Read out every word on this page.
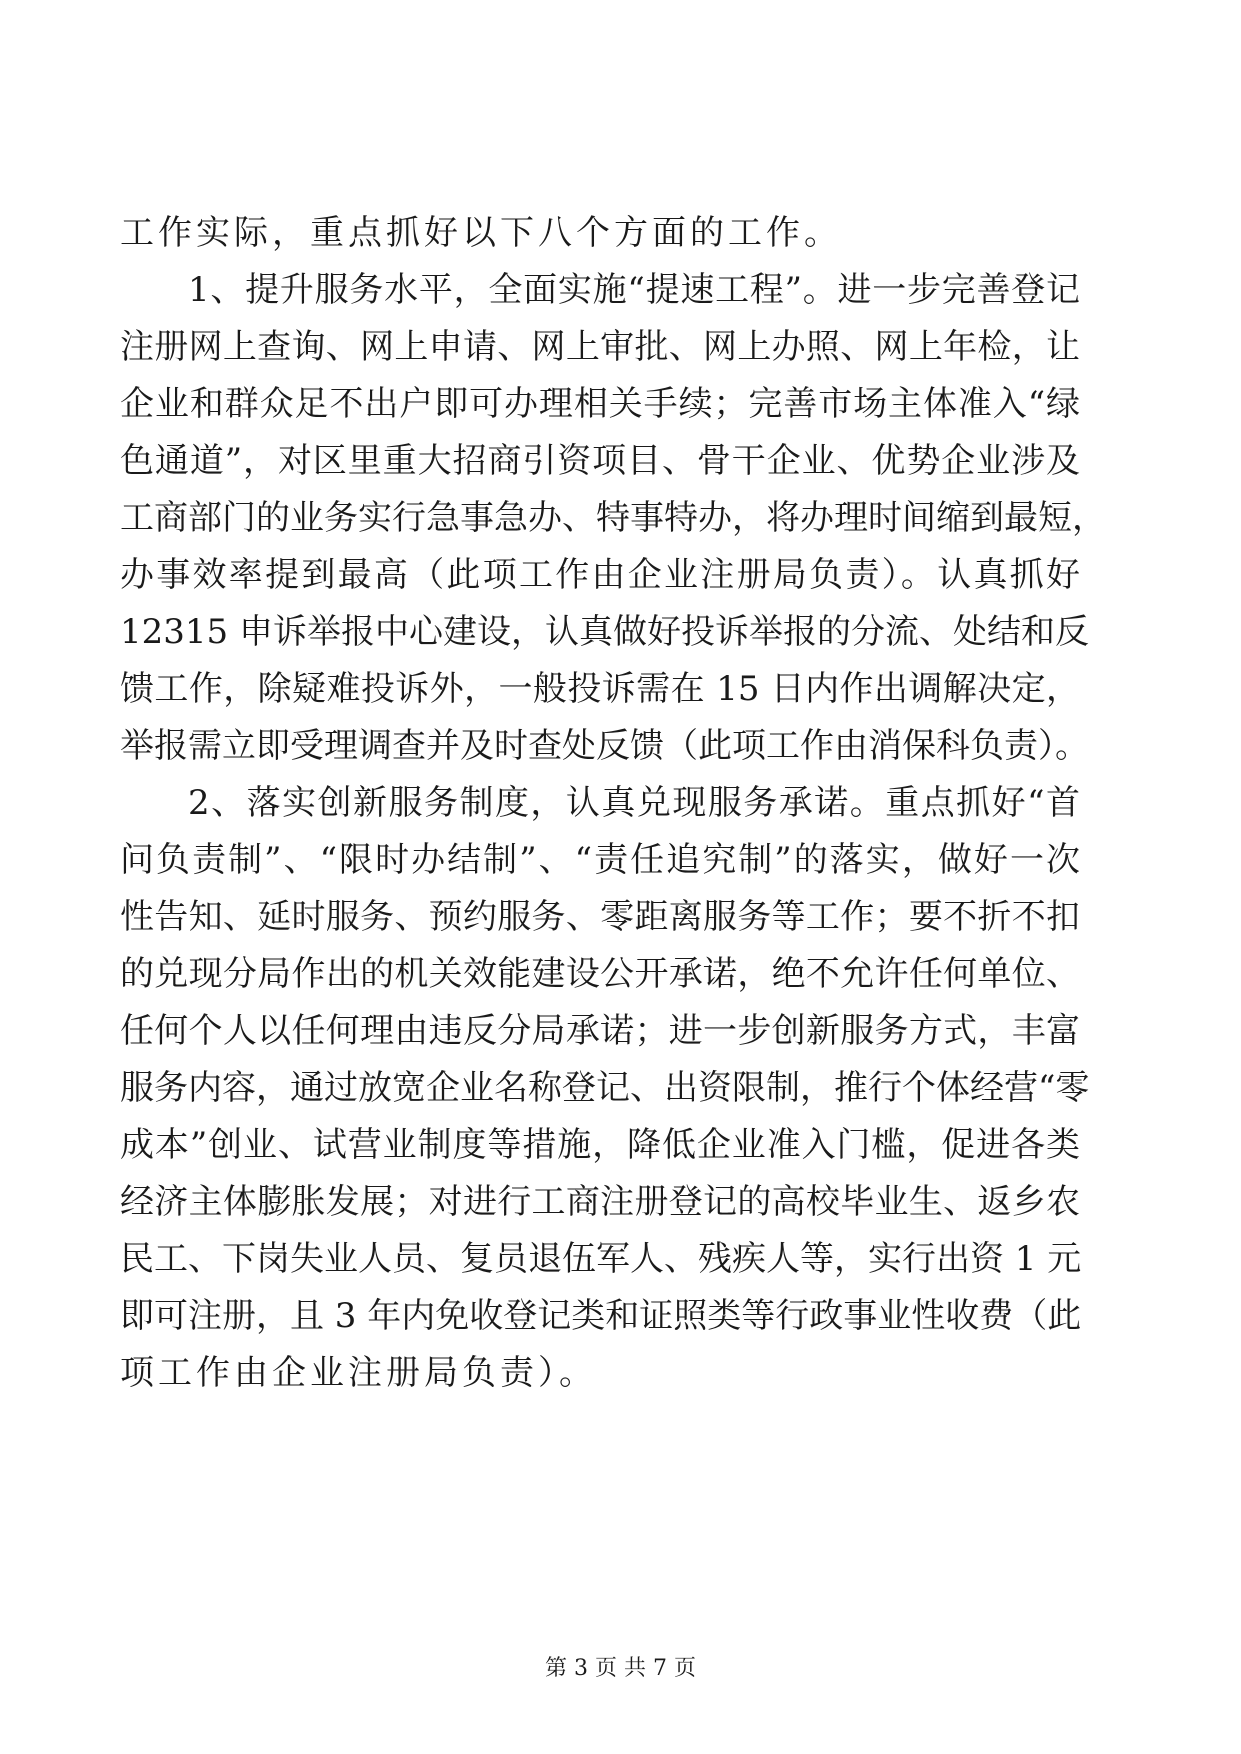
工作实际，重点抓好以下八个方面的工作。
1、提升服务水平，全面实施“提速工程”。进一步完善登记
注册网上查询、网上申请、网上审批、网上办照、网上年检，让
企业和群众足不出户即可办理相关手续；完善市场主体准入“绿
色通道”，对区里重大招商引资项目、骨干企业、优势企业涉及
工商部门的业务实行急事急办、特事特办，将办理时间缩到最短，
办事效率提到最高（此项工作由企业注册局负责）。认真抓好
12315 申诉举报中心建设，认真做好投诉举报的分流、处结和反
馈工作，除疑难投诉外，一般投诉需在 15 日内作出调解决定，
举报需立即受理调查并及时查处反馈（此项工作由消保科负责）。
2、落实创新服务制度，认真兑现服务承诺。重点抓好“首
问负责制”、“限时办结制”、“责任追究制”的落实，做好一次
性告知、延时服务、预约服务、零距离服务等工作；要不折不扣
的兑现分局作出的机关效能建设公开承诺，绝不允许任何单位、
任何个人以任何理由违反分局承诺；进一步创新服务方式，丰富
服务内容，通过放宽企业名称登记、出资限制，推行个体经营“零
成本”创业、试营业制度等措施，降低企业准入门槛，促进各类
经济主体膨胀发展；对进行工商注册登记的高校毕业生、返乡农
民工、下岗失业人员、复员退伍军人、残疾人等，实行出资 1 元
即可注册，且 3 年内免收登记类和证照类等行政事业性收费（此
项工作由企业注册局负责）。
第 3 页 共 7 页
